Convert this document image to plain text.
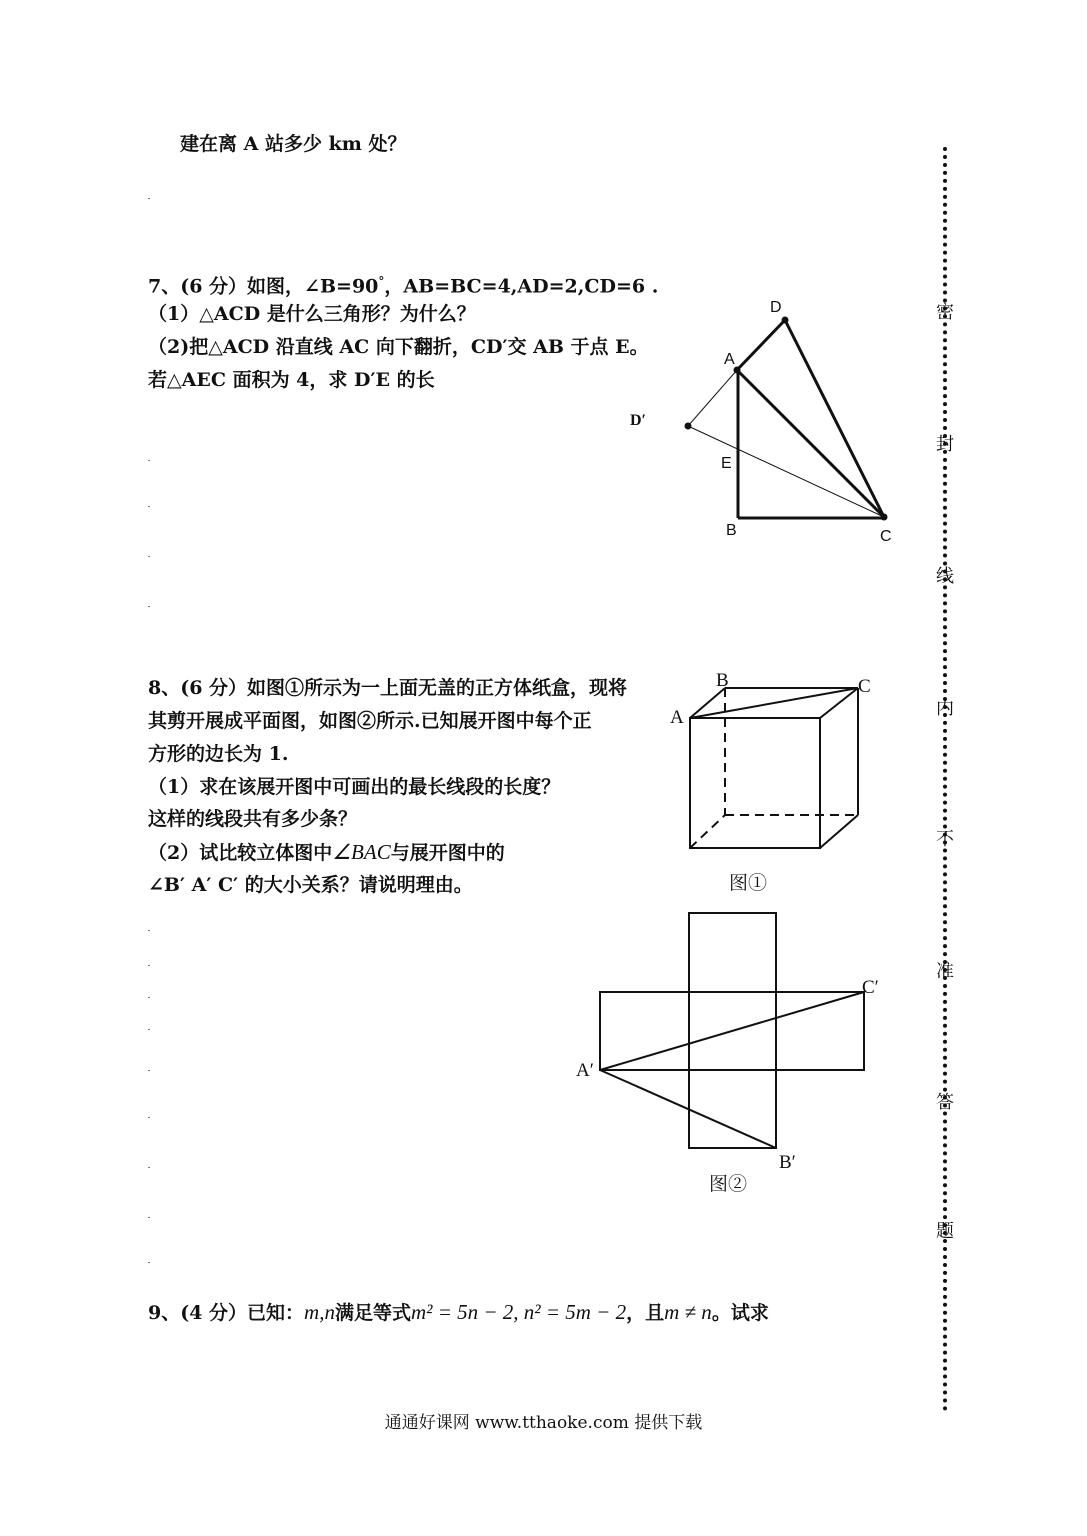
建在离 A 站多少 km 处？
7、(6 分）如图，∠B=90°，AB=BC=4,AD=2,CD=6 .
（1）△ACD 是什么三角形？为什么？
（2)把△ACD 沿直线 AC 向下翻折，CD′交 AB 于点 E。
若△AEC 面积为 4，求 D′E 的长
D
A
D′
E
B	C
8、(6 分）如图①所示为一上面无盖的正方体纸盒，现将
其剪开展成平面图，如图②所示.已知展开图中每个正
方形的边长为 1.
（1）求在该展开图中可画出的最长线段的长度？
这样的线段共有多少条？
（2）试比较立体图中∠BAC与展开图中的
∠B′ A′ C′ 的大小关系？请说明理由。
B	C
A
图①
C′
A′
B′
图②
9、(4 分）已知：m,n满足等式m² = 5n − 2, n² = 5m − 2，且m ≠ n。试求
密
封
线
内
不
准
答
题
通通好课网 www.tthaoke.com 提供下载
